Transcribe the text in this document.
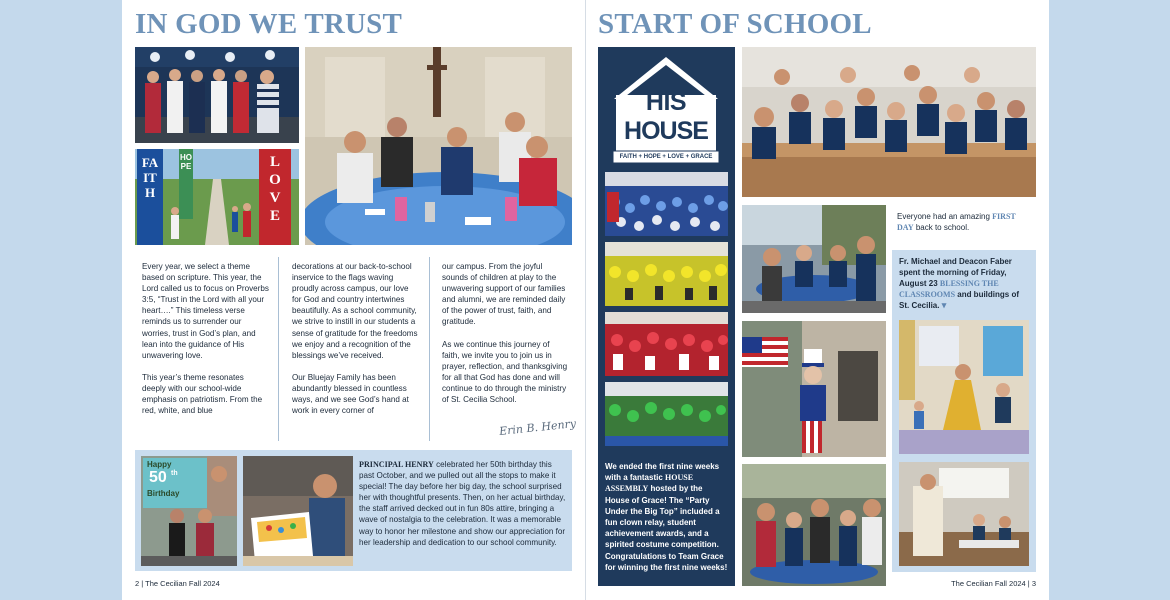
IN GOD WE TRUST
FAITH
HOPE	LOVE

Every year, we select a theme based on scripture. This year, the Lord called us to focus on Proverbs 3:5, “Trust in the Lord with all your heart….” This timeless verse reminds us to surrender our worries, trust in God’s plan, and lean into the guidance of His unwavering love.

This year’s theme resonates deeply with our school-wide emphasis on patriotism. From the red, white, and blue

decorations at our back-to-school inservice to the flags waving proudly across campus, our love for God and country intertwines beautifully. As a school community, we strive to instill in our students a sense of gratitude for the freedoms we enjoy and a recognition of the blessings we’ve received.

Our Bluejay Family has been abundantly blessed in countless ways, and we see God’s hand at work in every corner of

our campus. From the joyful sounds of children at play to the unwavering support of our families and alumni, we are reminded daily of the power of trust, faith, and gratitude.

As we continue this journey of faith, we invite you to join us in prayer, reflection, and thanksgiving for all that God has done and will continue to do through the ministry of St. Cecilia School.

Erin B. Henry
Happy
50 th
Birthday
PRINCIPAL HENRY celebrated her 50th birthday this past October, and we pulled out all the stops to make it special! The day before her big day, the school surprised her with thoughtful presents. Then, on her actual birthday, the staff arrived decked out in fun 80s attire, bringing a wave of nostalgia to the celebration. It was a memorable way to honor her milestone and show our appreciation for her leadership and dedication to our school community.
2 | The Cecilian Fall 2024
START OF SCHOOL
HIS
HOUSE
FAITH + HOPE + LOVE + GRACE
We ended the first nine weeks with a fantastic HOUSE ASSEMBLY hosted by the House of Grace! The “Party Under the Big Top” included a fun clown relay, student achievement awards, and a spirited costume competition. Congratulations to Team Grace for winning the first nine weeks!
Everyone had an amazing FIRST DAY back to school.
Fr. Michael and Deacon Faber spent the morning of Friday, August 23 BLESSING THE CLASSROOMS and buildings of St. Cecilia. ▾
The Cecilian Fall 2024 | 3
